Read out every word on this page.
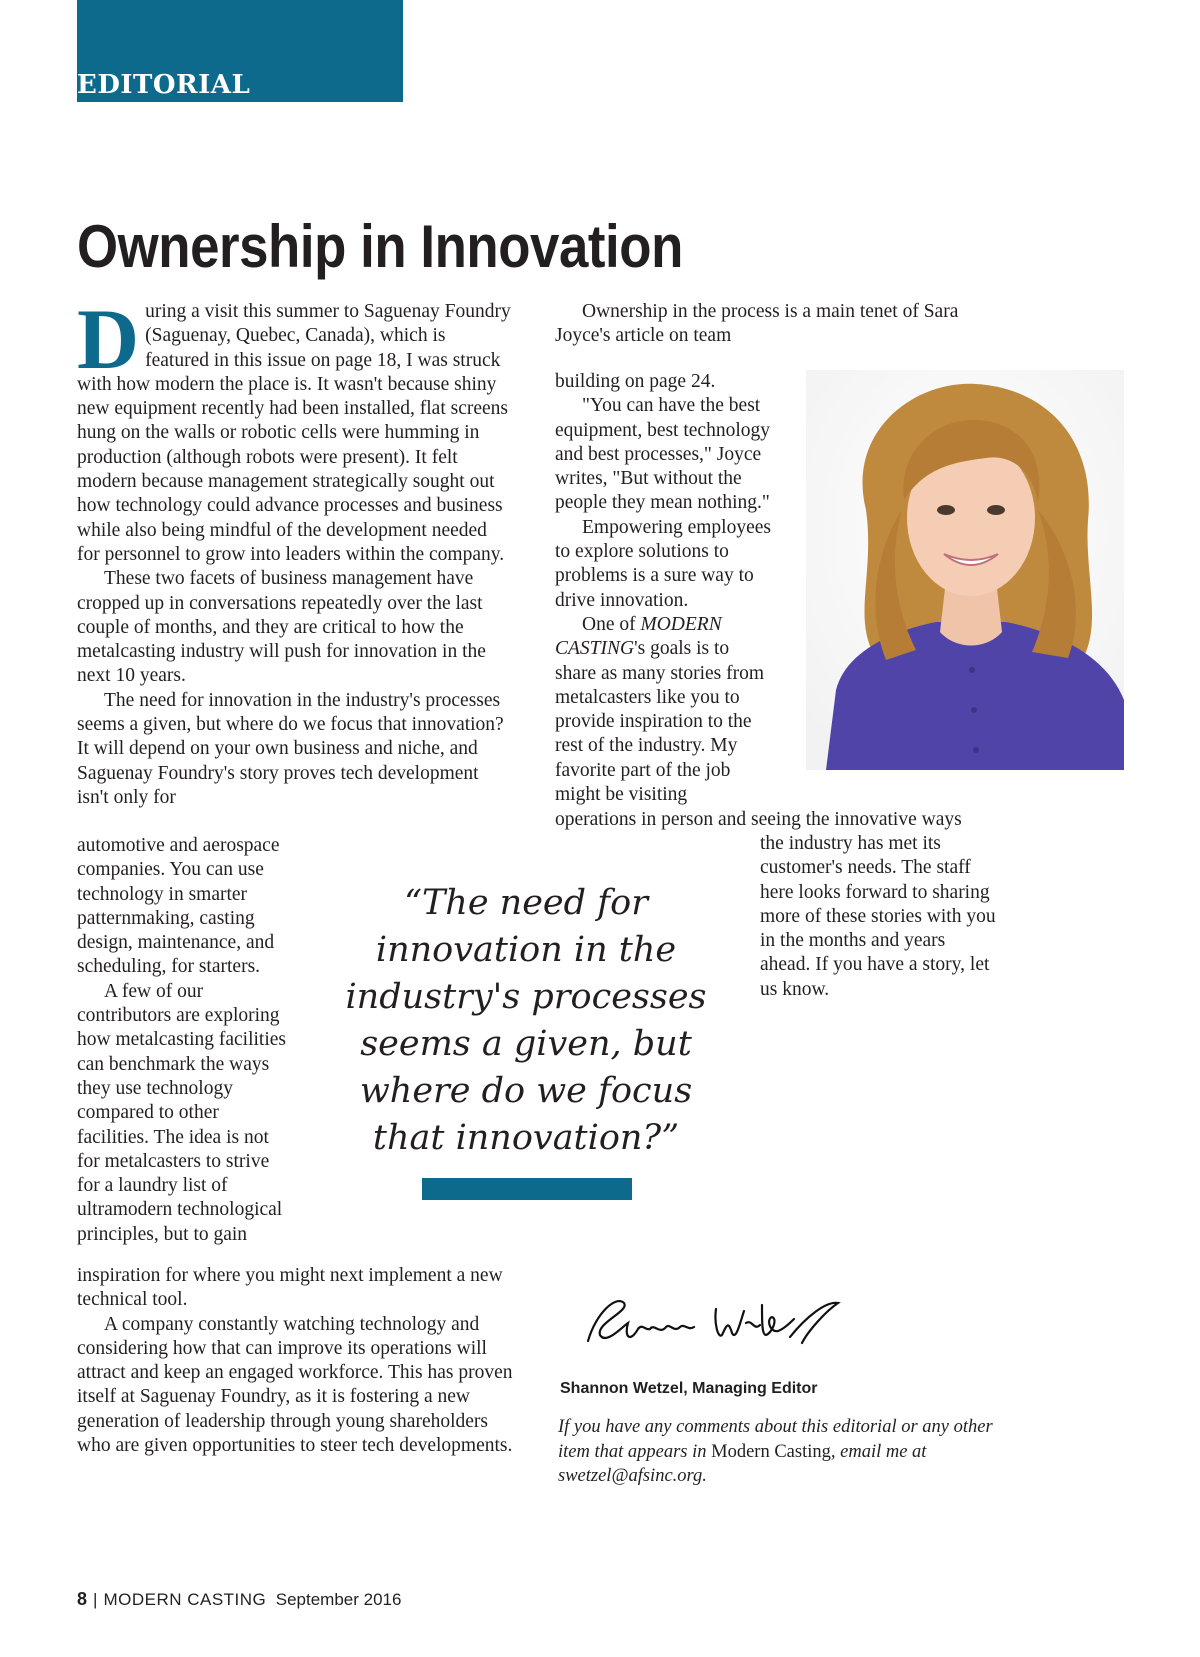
EDITORIAL
Ownership in Innovation

During a visit this summer to Saguenay Foundry (Saguenay, Quebec, Canada), which is featured in this issue on page 18, I was struck with how modern the place is. It wasn't because shiny new equipment recently had been installed, flat screens hung on the walls or robotic cells were humming in production (although robots were present). It felt modern because management strategically sought out how technology could advance processes and business while also being mindful of the development needed for personnel to grow into leaders within the company.

These two facets of business management have cropped up in conversations repeatedly over the last couple of months, and they are critical to how the metalcasting industry will push for innovation in the next 10 years.

The need for innovation in the industry's processes seems a given, but where do we focus that innovation? It will depend on your own business and niche, and Saguenay Foundry's story proves tech development isn't only for

automotive and aerospace companies. You can use technology in smarter patternmaking, casting design, maintenance, and scheduling, for starters.

A few of our contributors are exploring how metalcasting facilities can benchmark the ways they use technology compared to other facilities. The idea is not for metalcasters to strive for a laundry list of ultramodern technological principles, but to gain

inspiration for where you might next implement a new technical tool.

A company constantly watching technology and considering how that can improve its operations will attract and keep an engaged workforce. This has proven itself at Saguenay Foundry, as it is fostering a new generation of leadership through young shareholders who are given opportunities to steer tech developments.

Ownership in the process is a main tenet of Sara Joyce's article on team

building on page 24.

"You can have the best equipment, best technology and best processes," Joyce writes, "But without the people they mean nothing."

Empowering employees to explore solutions to problems is a sure way to drive innovation.

One of MODERN CASTING's goals is to share as many stories from metalcasters like you to provide inspiration to the rest of the industry. My favorite part of the job might be visiting

operations in person and seeing the innovative ways

the industry has met its customer's needs. The staff here looks forward to sharing more of these stories with you in the months and years ahead. If you have a story, let us know.

“The need for innovation in the industry's processes seems a given, but where do we focus that innovation?”

Shannon Wetzel, Managing Editor

If you have any comments about this editorial or any other item that appears in Modern Casting, email me at swetzel@afsinc.org.

8 | MODERN CASTING September 2016
